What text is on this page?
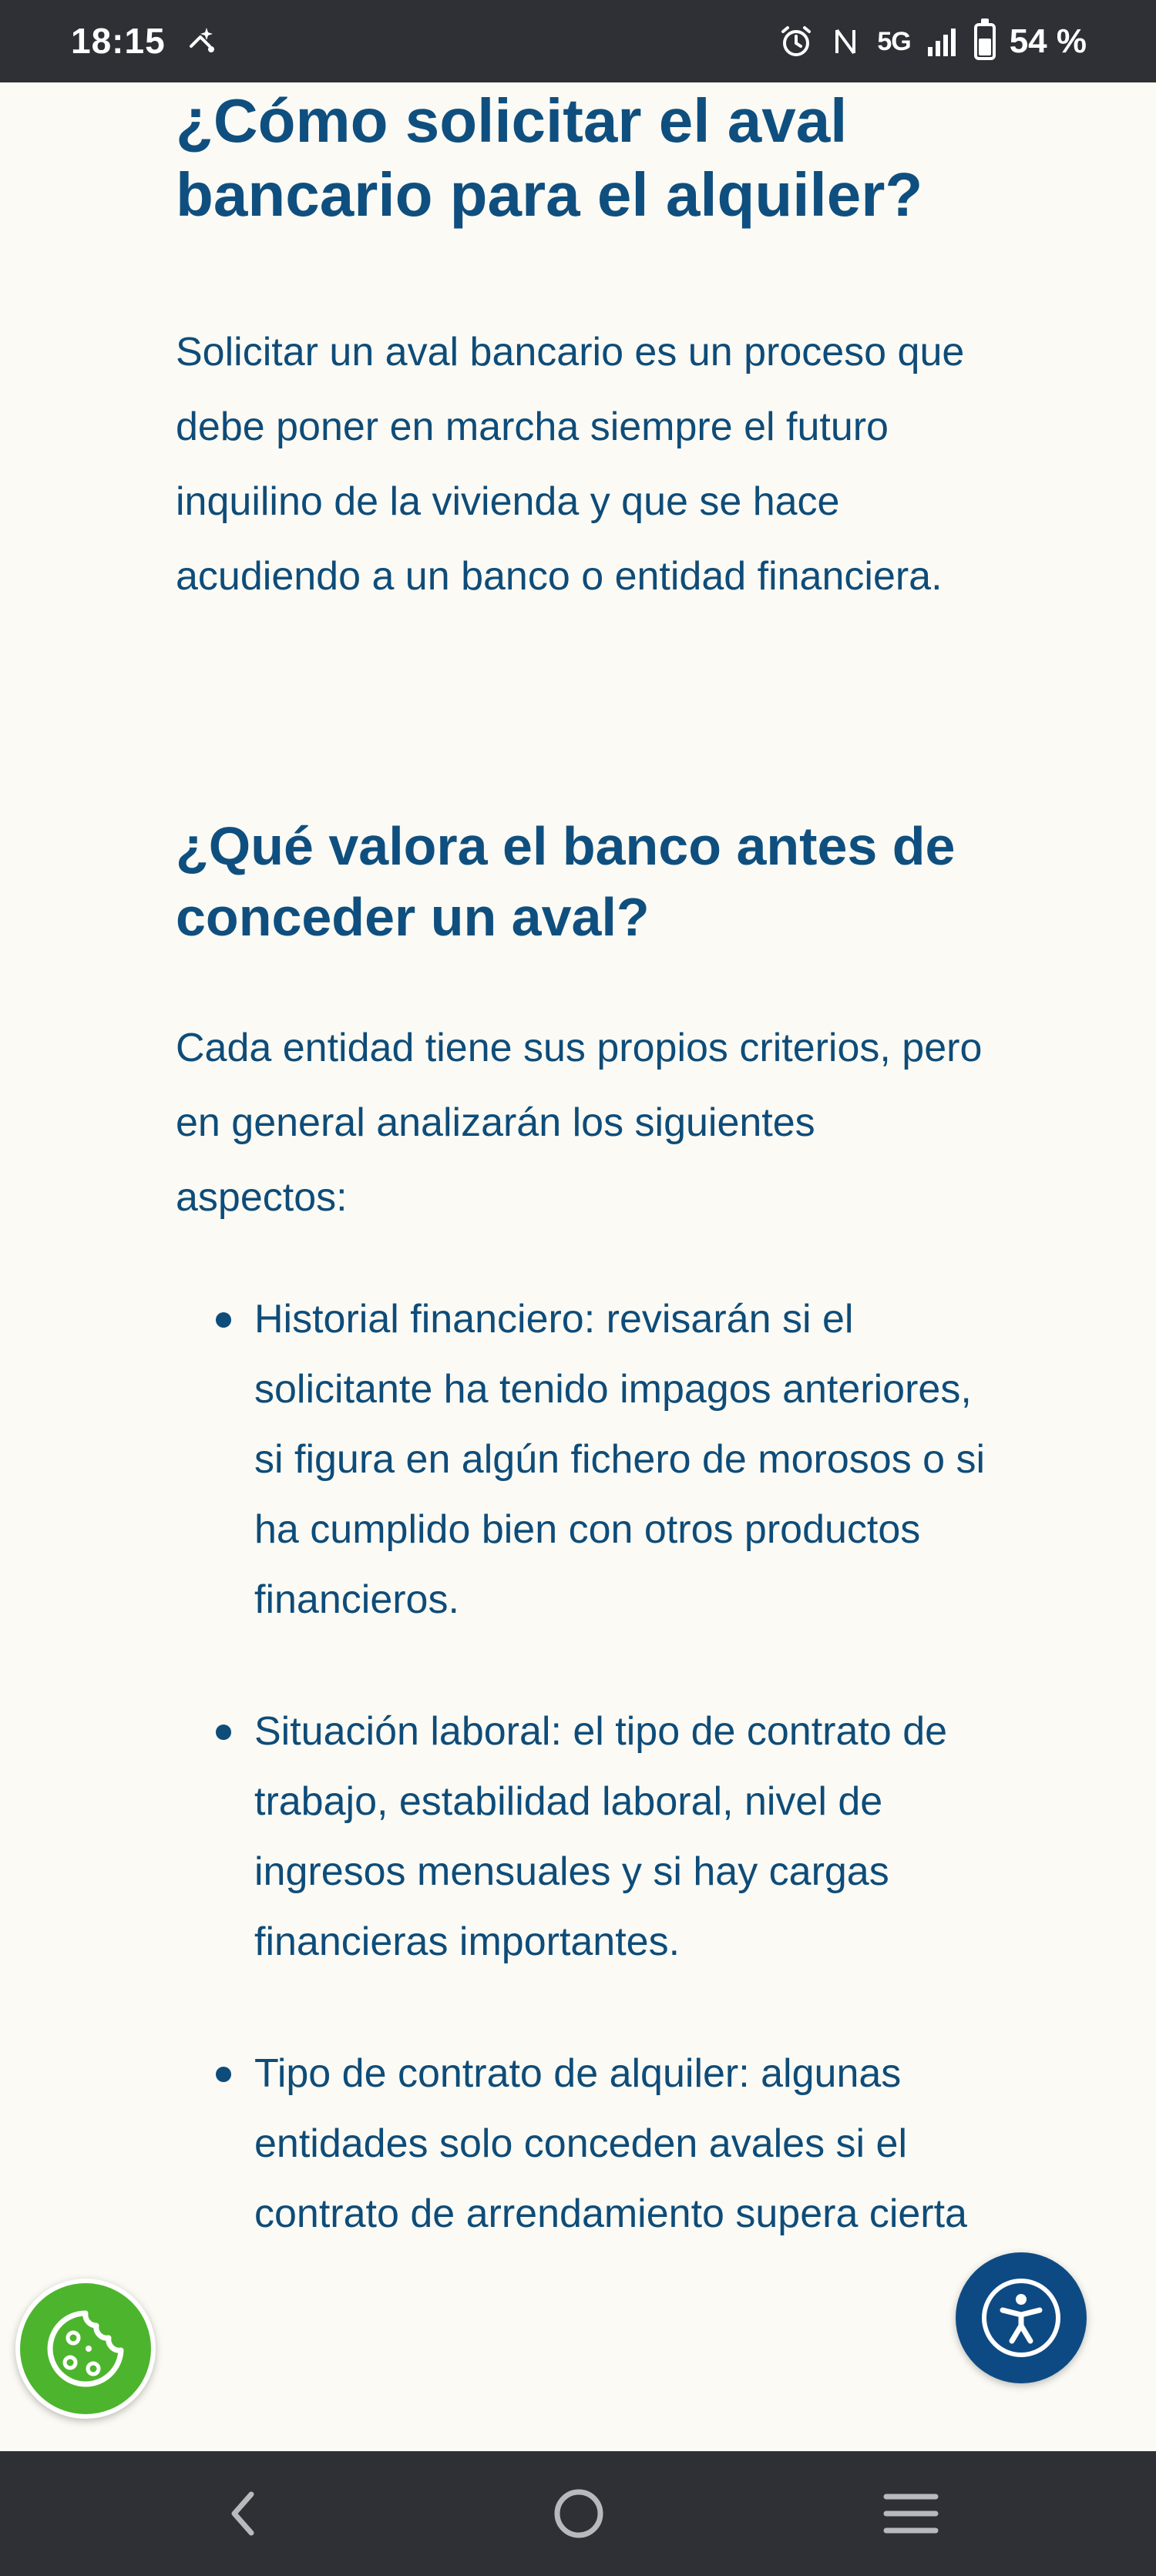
18:15	5G	54 %
¿Cómo solicitar el aval bancario para el alquiler?

Solicitar un aval bancario es un proceso que debe poner en marcha siempre el futuro inquilino de la vivienda y que se hace acudiendo a un banco o entidad financiera.

¿Qué valora el banco antes de conceder un aval?

Cada entidad tiene sus propios criterios, pero en general analizarán los siguientes aspectos:

Historial financiero: revisarán si el solicitante ha tenido impagos anteriores, si figura en algún fichero de morosos o si ha cumplido bien con otros productos financieros.
Situación laboral: el tipo de contrato de trabajo, estabilidad laboral, nivel de ingresos mensuales y si hay cargas financieras importantes.
Tipo de contrato de alquiler: algunas entidades solo conceden avales si el contrato de arrendamiento supera cierta
